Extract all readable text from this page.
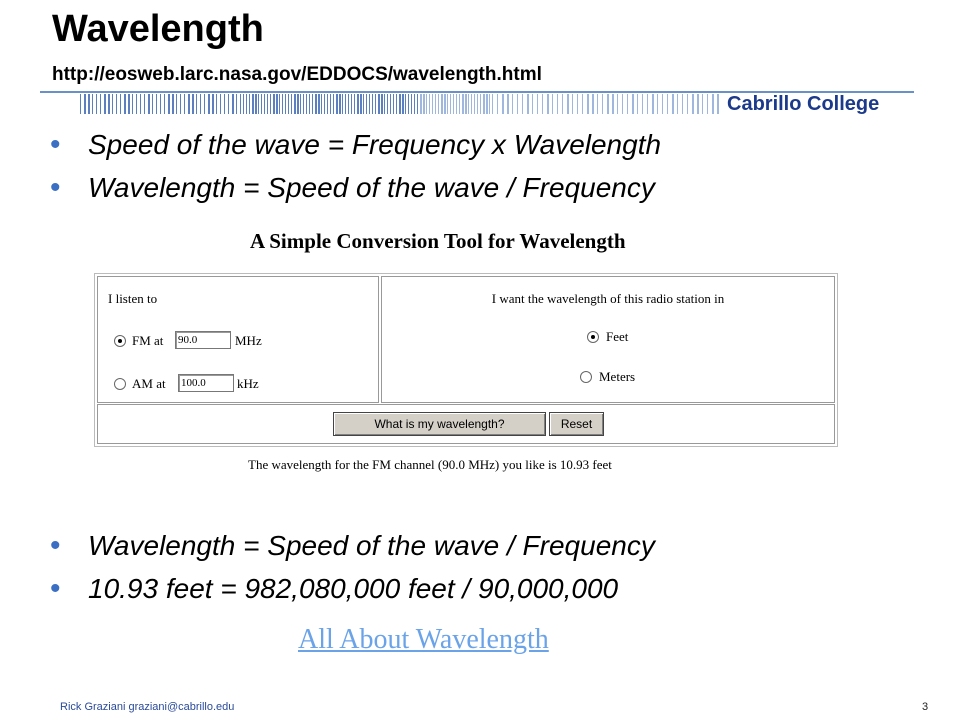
Wavelength
http://eosweb.larc.nasa.gov/EDDOCS/wavelength.html
Cabrillo College
• Speed of the wave = Frequency x Wavelength
• Wavelength = Speed of the wave / Frequency
A Simple Conversion Tool for Wavelength
I listen to
FM at 90.0	MHz
AM at 100.0	kHz
I want the wavelength of this radio station in
Feet
Meters
What is my wavelength?	Reset
The wavelength for the FM channel (90.0 MHz) you like is 10.93 feet
• Wavelength = Speed of the wave / Frequency
• 10.93 feet = 982,080,000 feet / 90,000,000
All About Wavelength
Rick Graziani graziani@cabrillo.edu	3
